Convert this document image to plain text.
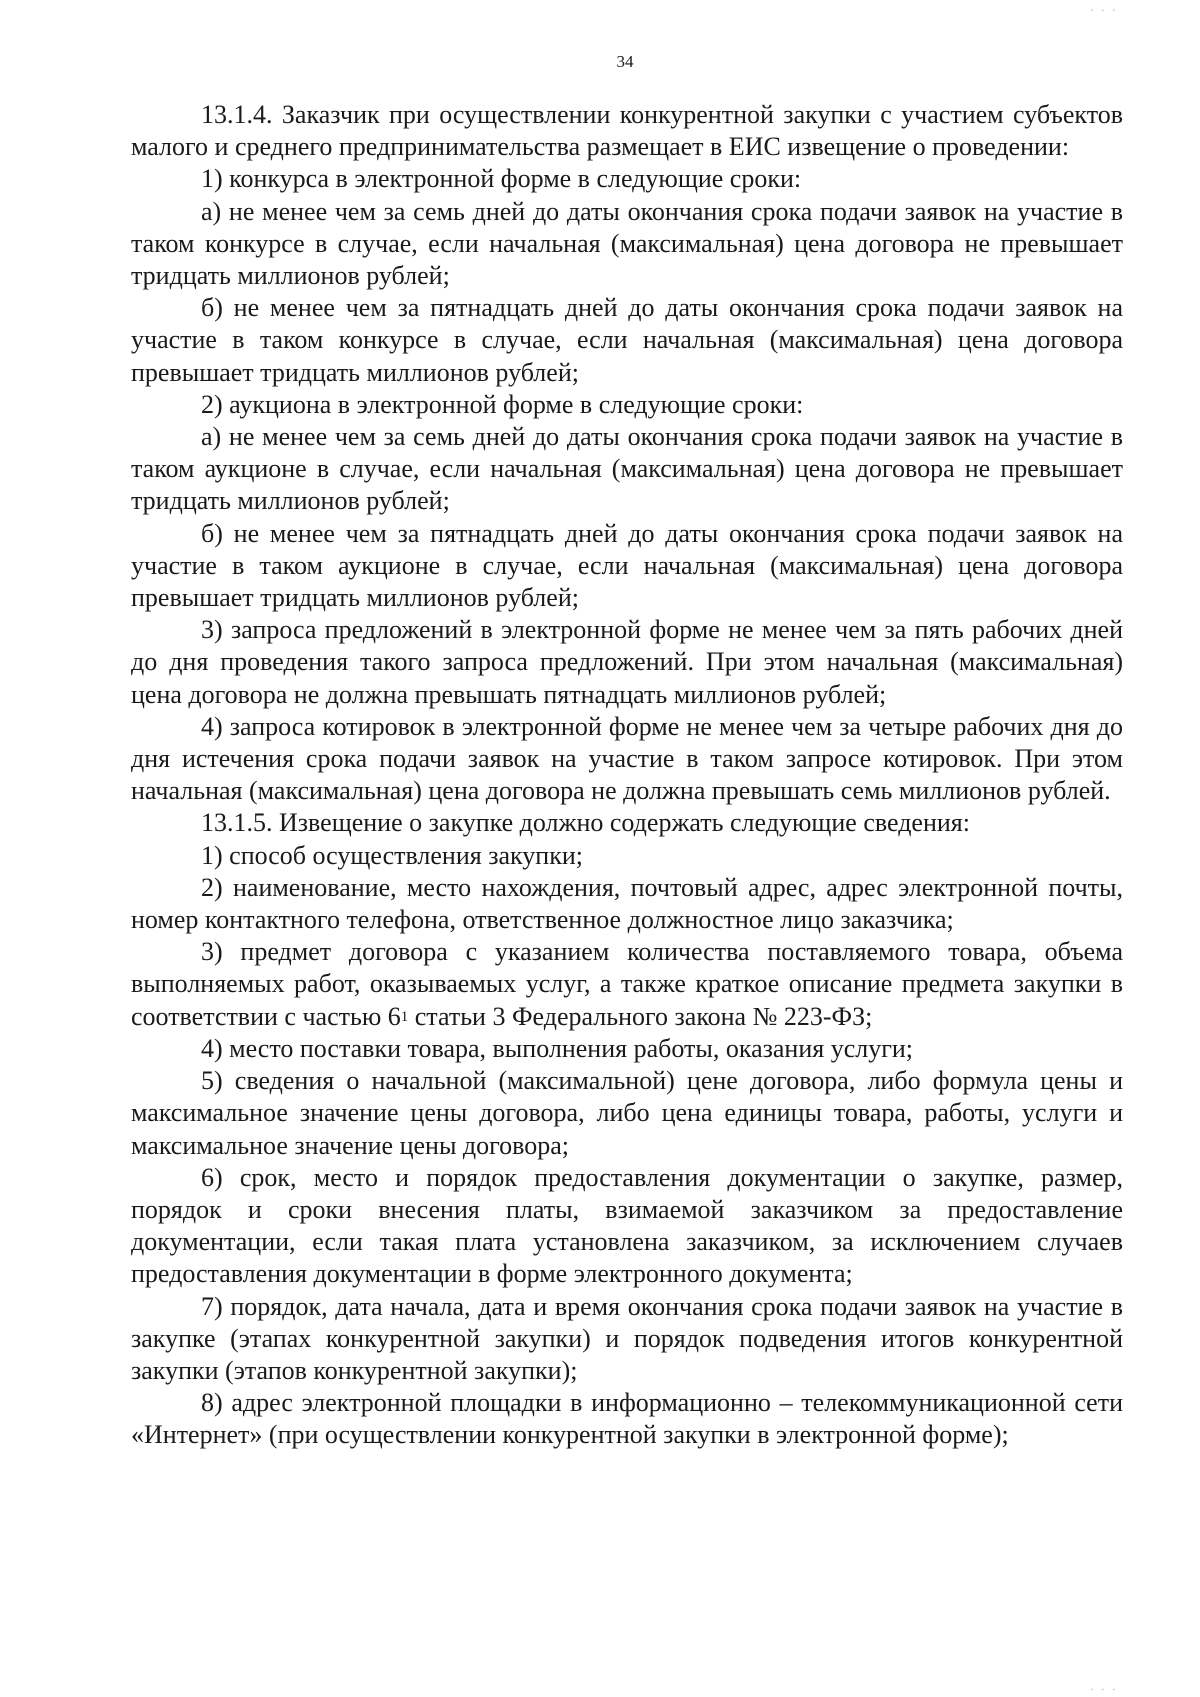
34

13.1.4. Заказчик при осуществлении конкурентной закупки с участием субъектов малого и среднего предпринимательства размещает в ЕИС извещение о проведении:

1) конкурса в электронной форме в следующие сроки:

а) не менее чем за семь дней до даты окончания срока подачи заявок на участие в таком конкурсе в случае, если начальная (максимальная) цена договора не превышает тридцать миллионов рублей;

б) не менее чем за пятнадцать дней до даты окончания срока подачи заявок на участие в таком конкурсе в случае, если начальная (максимальная) цена договора превышает тридцать миллионов рублей;

2) аукциона в электронной форме в следующие сроки:

а) не менее чем за семь дней до даты окончания срока подачи заявок на участие в таком аукционе в случае, если начальная (максимальная) цена договора не превышает тридцать миллионов рублей;

б) не менее чем за пятнадцать дней до даты окончания срока подачи заявок на участие в таком аукционе в случае, если начальная (максимальная) цена договора превышает тридцать миллионов рублей;

3) запроса предложений в электронной форме не менее чем за пять рабочих дней до дня проведения такого запроса предложений. При этом начальная (максимальная) цена договора не должна превышать пятнадцать миллионов рублей;

4) запроса котировок в электронной форме не менее чем за четыре рабочих дня до дня истечения срока подачи заявок на участие в таком запросе котировок. При этом начальная (максимальная) цена договора не должна превышать семь миллионов рублей.

13.1.5. Извещение о закупке должно содержать следующие сведения:

1) способ осуществления закупки;

2) наименование, место нахождения, почтовый адрес, адрес электронной почты, номер контактного телефона, ответственное должностное лицо заказчика;

3) предмет договора с указанием количества поставляемого товара, объема выполняемых работ, оказываемых услуг, а также краткое описание предмета закупки в соответствии с частью $6^1$ статьи 3 Федерального закона № 223-ФЗ;

4) место поставки товара, выполнения работы, оказания услуги;

5) сведения о начальной (максимальной) цене договора, либо формула цены и максимальное значение цены договора, либо цена единицы товара, работы, услуги и максимальное значение цены договора;

6) срок, место и порядок предоставления документации о закупке, размер, порядок и сроки внесения платы, взимаемой заказчиком за предоставление документации, если такая плата установлена заказчиком, за исключением случаев предоставления документации в форме электронного документа;

7) порядок, дата начала, дата и время окончания срока подачи заявок на участие в закупке (этапах конкурентной закупки) и порядок подведения итогов конкурентной закупки (этапов конкурентной закупки);

8) адрес электронной площадки в информационно – телекоммуникационной сети «Интернет» (при осуществлении конкурентной закупки в электронной форме);

· · ·
· · ·
